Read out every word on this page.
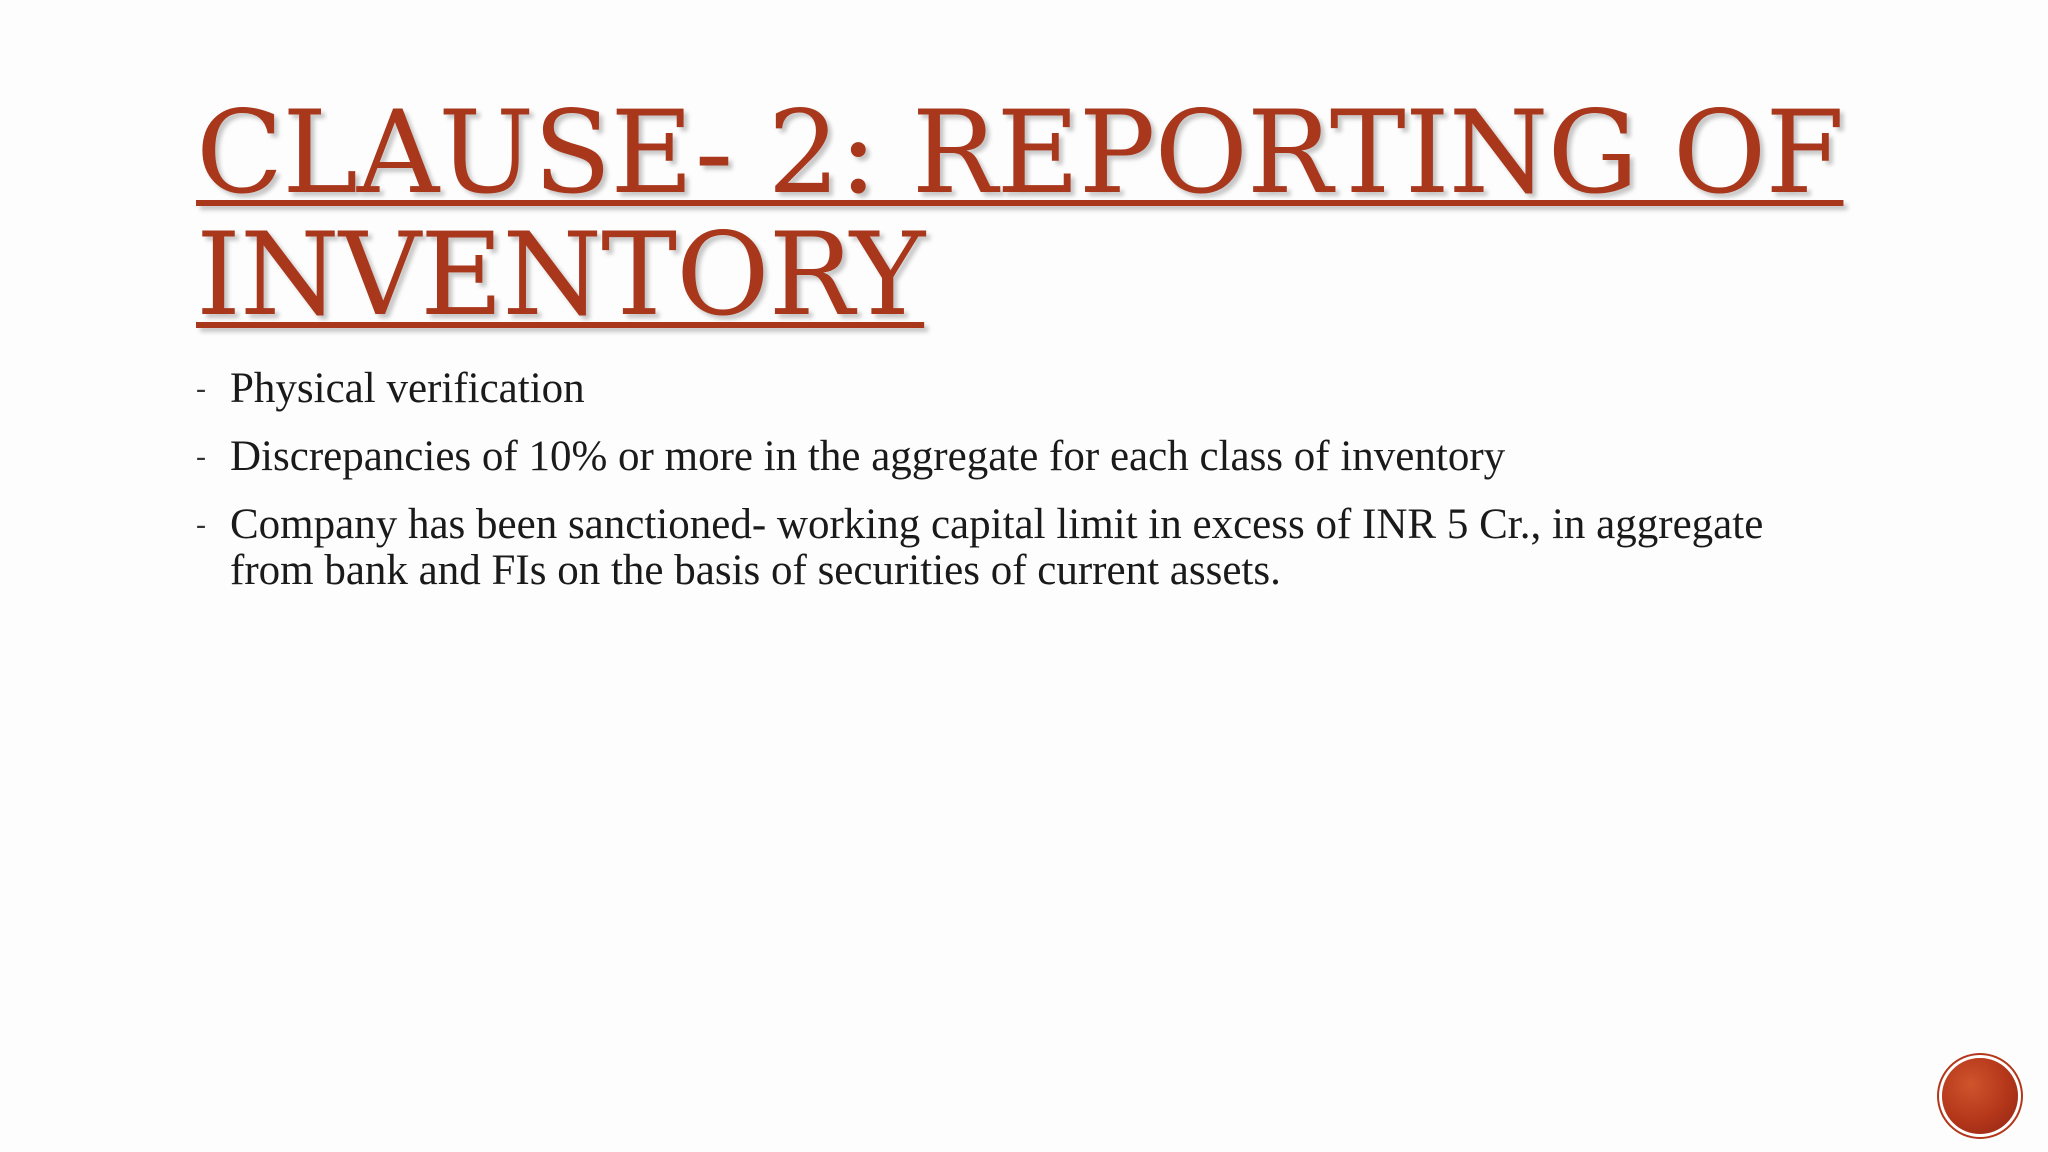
CLAUSE- 2: REPORTING OF INVENTORY
- Physical verification
- Discrepancies of 10% or more in the aggregate for each class of inventory
- Company has been sanctioned- working capital limit in excess of INR 5 Cr., in aggregate from bank and FIs on the basis of securities of current assets.
